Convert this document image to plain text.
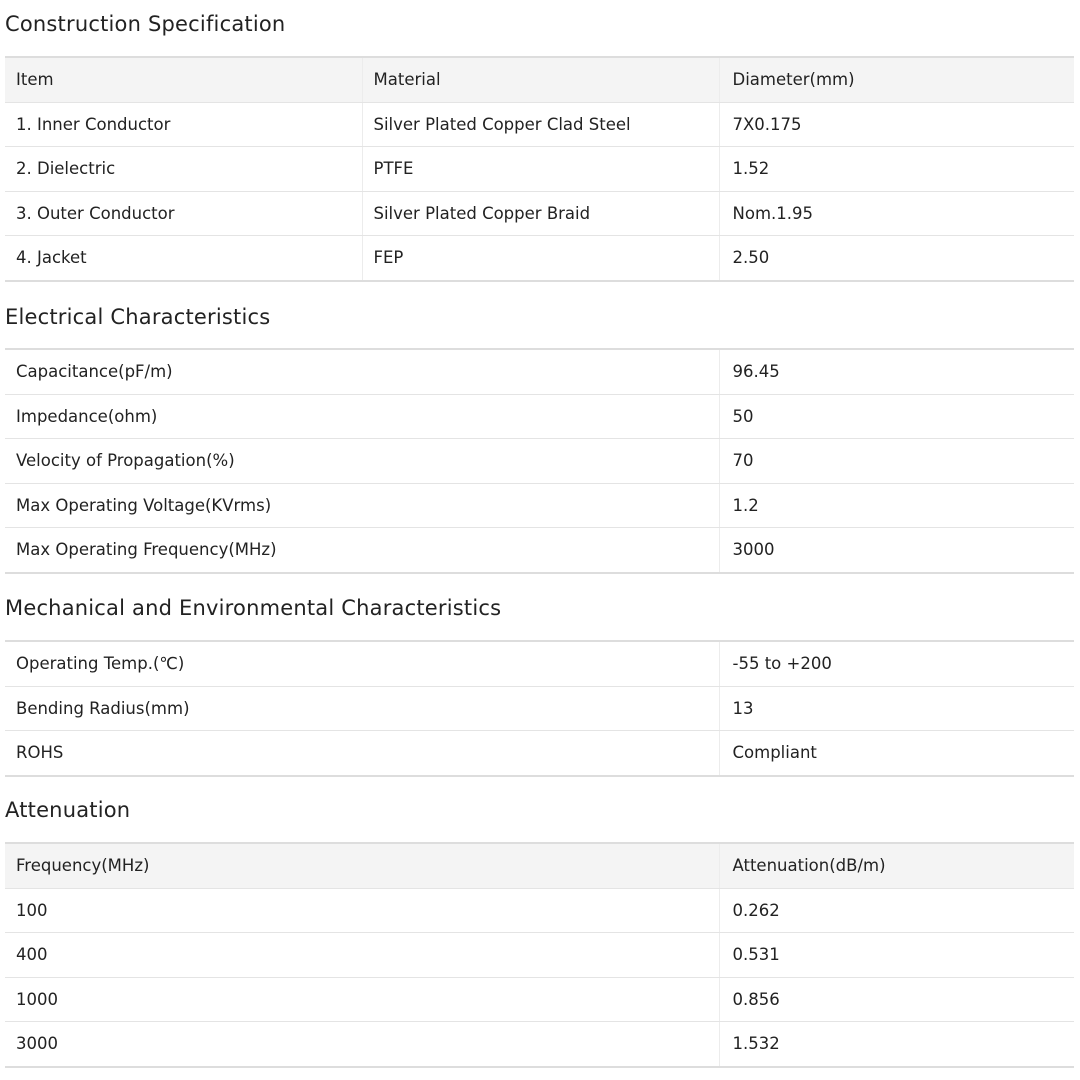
Construction Specification
Item	Material	Diameter(mm)
1. Inner Conductor	Silver Plated Copper Clad Steel	7X0.175
2. Dielectric	PTFE	1.52
3. Outer Conductor	Silver Plated Copper Braid	Nom.1.95
4. Jacket	FEP	2.50
Electrical Characteristics
Capacitance(pF/m)	96.45
Impedance(ohm)	50
Velocity of Propagation(%)	70
Max Operating Voltage(KVrms)	1.2
Max Operating Frequency(MHz)	3000
Mechanical and Environmental Characteristics
Operating Temp.(℃)	-55 to +200
Bending Radius(mm)	13
ROHS	Compliant
Attenuation
Frequency(MHz)	Attenuation(dB/m)
100	0.262
400	0.531
1000	0.856
3000	1.532
